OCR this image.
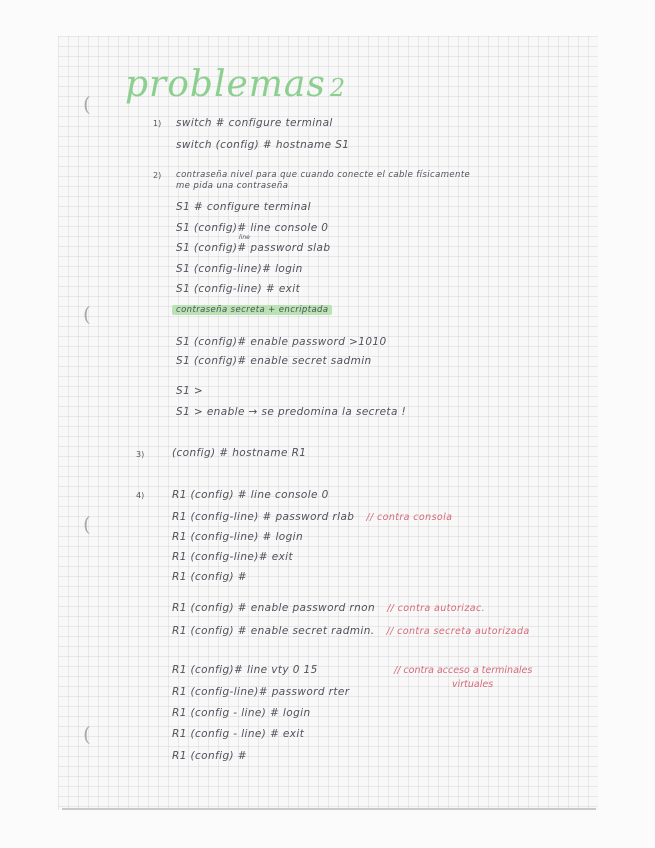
(
(
(
(
problemas 2
1) switch # configure terminal
switch (config) # hostname S1
2) contraseña nivel para que cuando conecte el cable físicamente
me pida una contraseña
S1 # configure terminal
S1 (config)# line console 0
line
S1 (config)# password slab
S1 (config-line)# login
S1 (config-line) # exit
contraseña secreta + encriptada
S1 (config)# enable password >1010
S1 (config)# enable secret sadmin
S1 >
S1 > enable → se predomina la secreta !
3)	(config) # hostname R1
4)	R1 (config) # line console 0
R1 (config-line) # password rlab // contra consola
R1 (config-line) # login
R1 (config-line)# exit
R1 (config) #
R1 (config) # enable password rnon // contra autorizac.
R1 (config) # enable secret radmin. // contra secreta autorizada
R1 (config)# line vty 0 15	// contra acceso a terminales
virtuales
R1 (config-line)# password rter
R1 (config - line) # login
R1 (config - line) # exit
R1 (config) #
